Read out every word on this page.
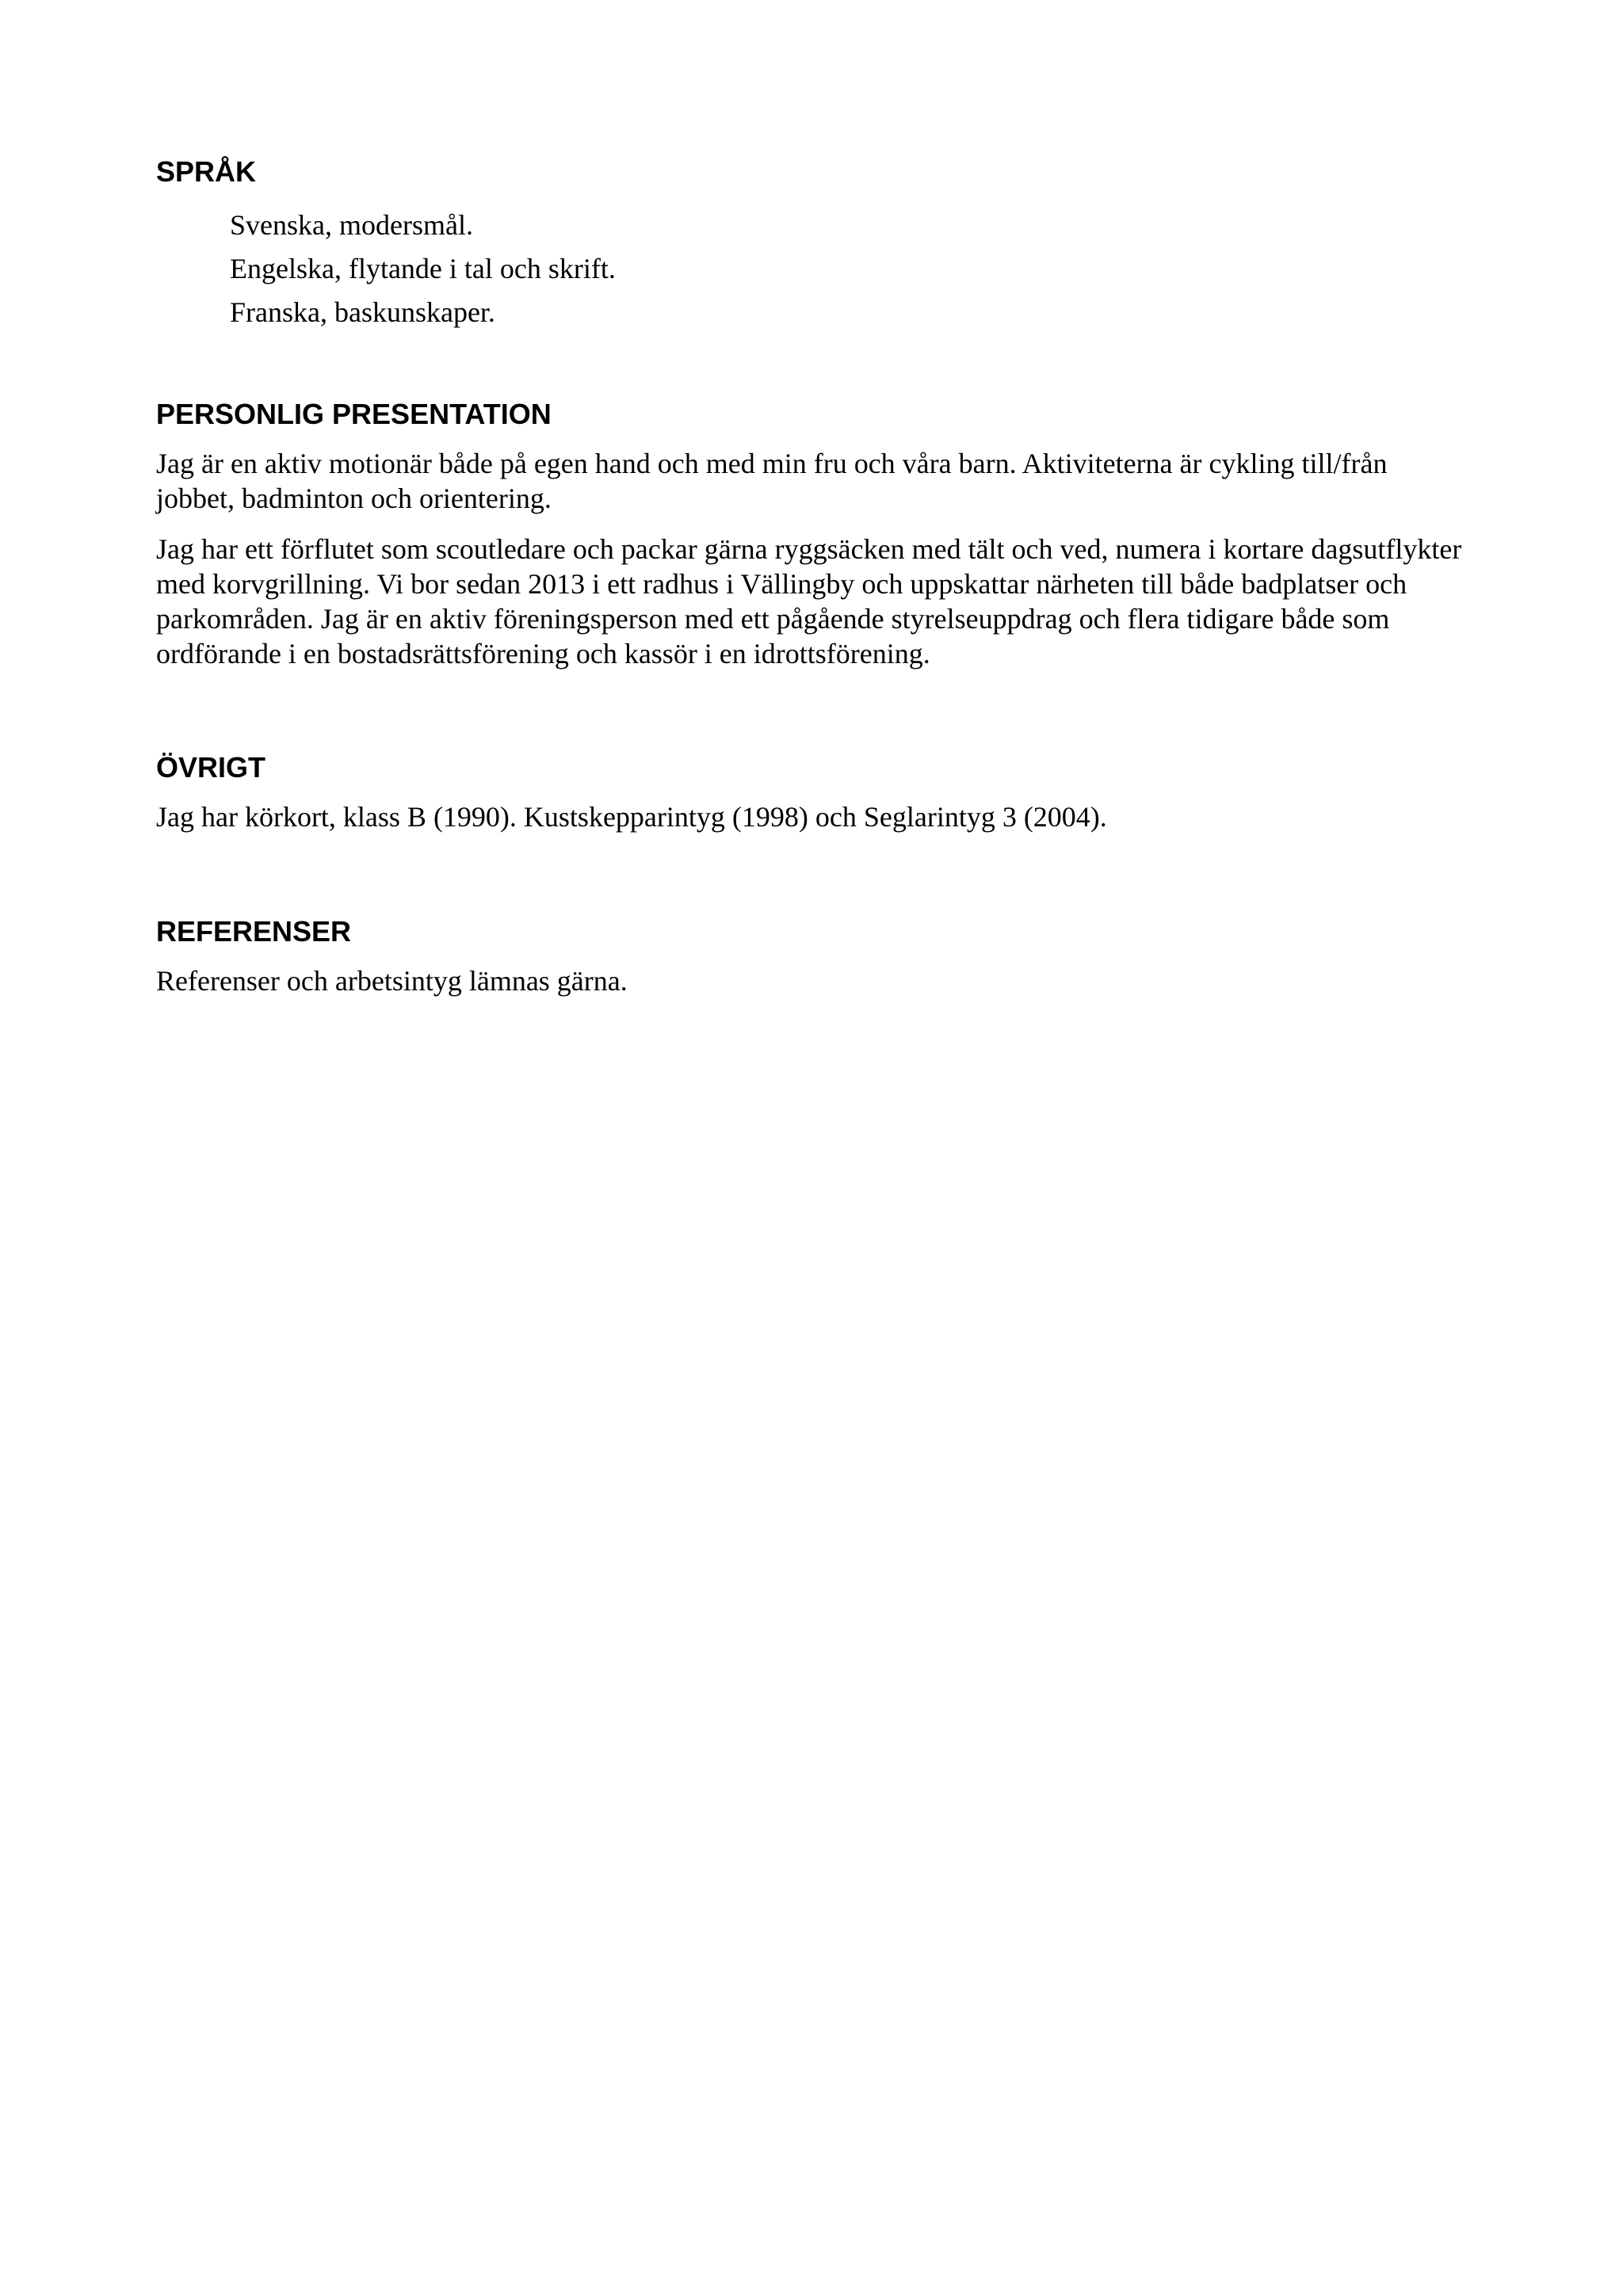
SPRÅK
Svenska, modersmål.
Engelska, flytande i tal och skrift.
Franska, baskunskaper.
PERSONLIG PRESENTATION

Jag är en aktiv motionär både på egen hand och med min fru och våra barn. Aktiviteterna är cykling till/från jobbet, badminton och orientering.

Jag har ett förflutet som scoutledare och packar gärna ryggsäcken med tält och ved, numera i kortare dagsutflykter med korvgrillning. Vi bor sedan 2013 i ett radhus i Vällingby och uppskattar närheten till både badplatser och parkområden. Jag är en aktiv föreningsperson med ett pågående styrelseuppdrag och flera tidigare både som ordförande i en bostadsrättsförening och kassör i en idrottsförening.

ÖVRIGT

Jag har körkort, klass B (1990). Kustskepparintyg (1998) och Seglarintyg 3 (2004).

REFERENSER

Referenser och arbetsintyg lämnas gärna.
